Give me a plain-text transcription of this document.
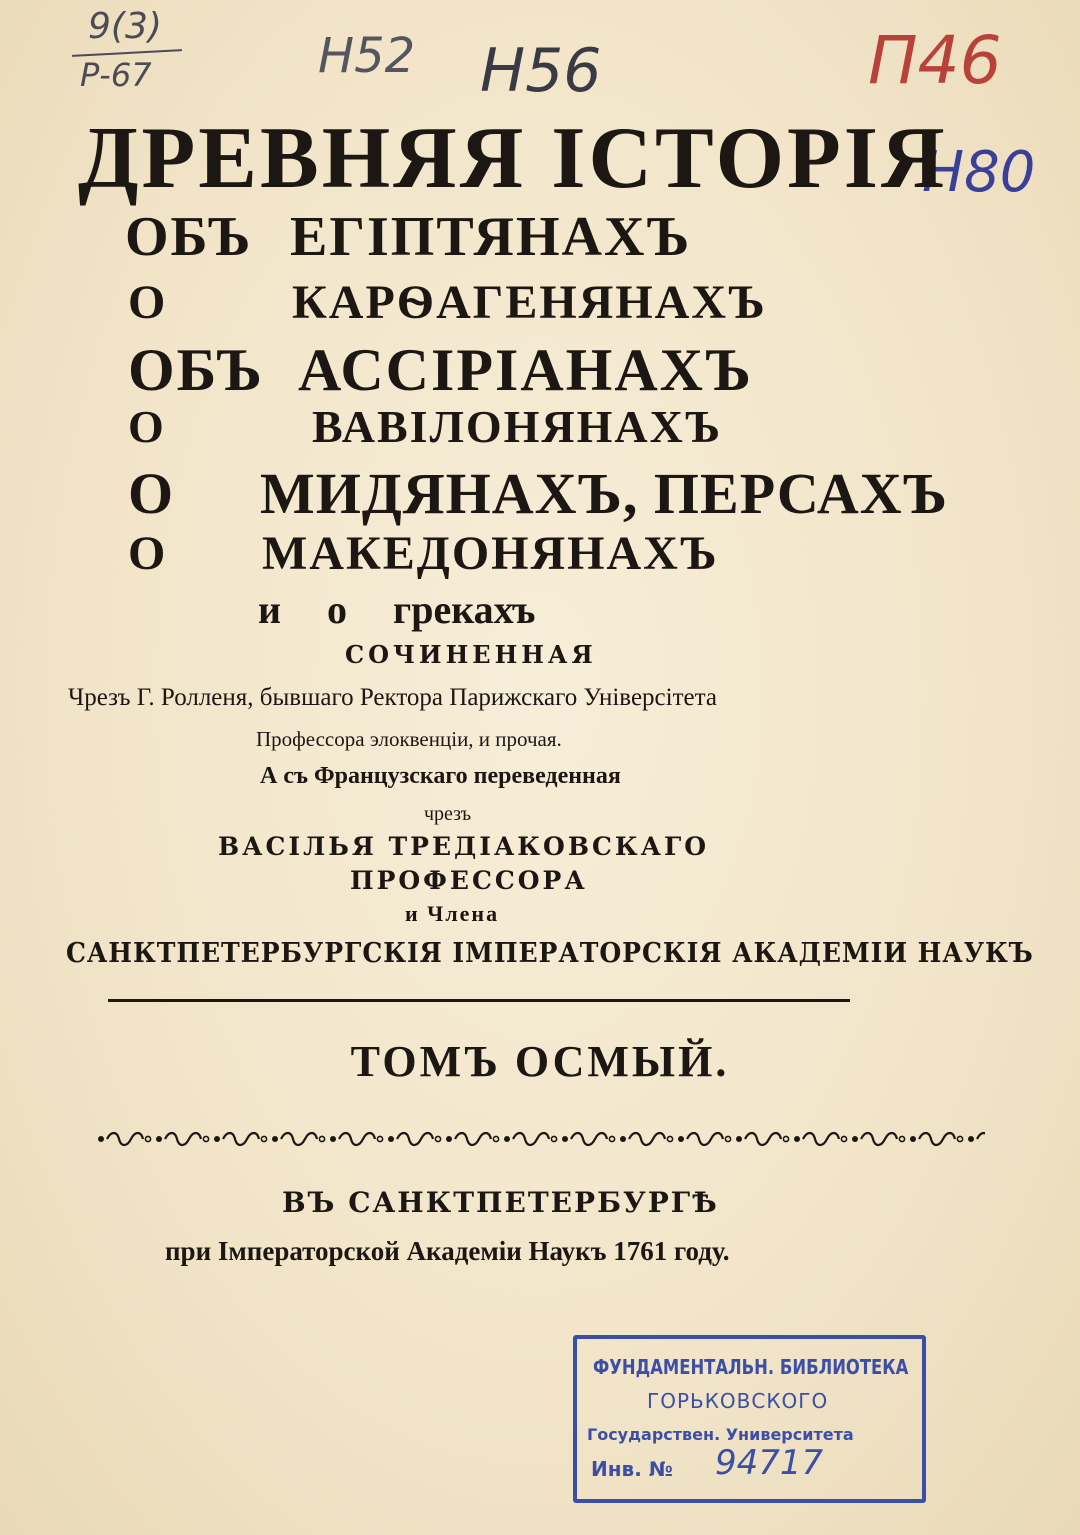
9(3)
Р-67	Н52 Н56	П46
Н80
ДРЕВНЯЯ ІСТОРІЯ
ОБЪ ЕГІПТЯНАХЪ
О	КАРѲАГЕНЯНАХЪ
ОБЪ АССІРІАНАХЪ
О	ВАВІЛОНЯНАХЪ
О МИДЯНАХЪ, ПЕРСАХЪ
О МАКЕДОНЯНАХЪ
и о грекахъ
СОЧИНЕННАЯ
Чрезъ Г. Ролленя, бывшаго Ректора Парижскаго Універсітета
Профессора элоквенціи, и прочая.
А съ Французскаго переведенная
чрезъ
ВАСІЛЬЯ ТРЕДІАКОВСКАГО
ПРОФЕССОРА
и Члена
САНКТПЕТЕРБУРГСКІЯ ІМПЕРАТОРСКІЯ АКАДЕМІИ НАУКЪ
ТОМЪ ОСМЫЙ.
ВЪ САНКТПЕТЕРБУРГѢ
при Імператорской Академіи Наукъ 1761 году.
ФУНДАМЕНТАЛЬН. БИБЛИОТЕКА
ГОРЬКОВСКОГО
Государствен. Университета
Инв. № 94717
